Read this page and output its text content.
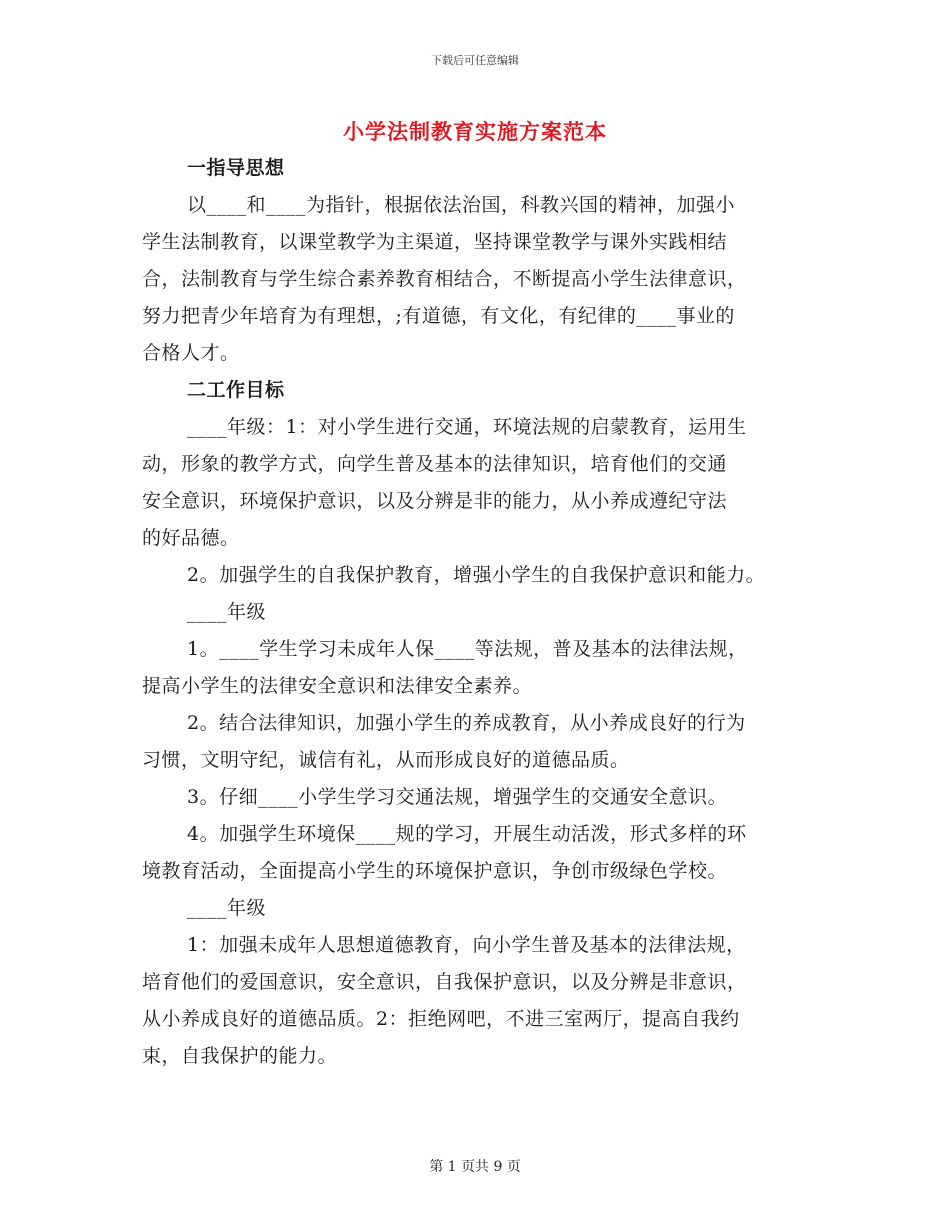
下载后可任意编辑
小学法制教育实施方案范本
一指导思想
以____和____为指针，根据依法治国，科教兴国的精神，加强小
学生法制教育，以课堂教学为主渠道，坚持课堂教学与课外实践相结
合，法制教育与学生综合素养教育相结合，不断提高小学生法律意识，
努力把青少年培育为有理想，;有道德，有文化，有纪律的____事业的
合格人才。
二工作目标
____年级：1：对小学生进行交通，环境法规的启蒙教育，运用生
动，形象的教学方式，向学生普及基本的法律知识，培育他们的交通
安全意识，环境保护意识，以及分辨是非的能力，从小养成遵纪守法
的好品德。
2。加强学生的自我保护教育，增强小学生的自我保护意识和能力。
____年级
1。____学生学习未成年人保____等法规，普及基本的法律法规，
提高小学生的法律安全意识和法律安全素养。
2。结合法律知识，加强小学生的养成教育，从小养成良好的行为
习惯，文明守纪，诚信有礼，从而形成良好的道德品质。
3。仔细____小学生学习交通法规，增强学生的交通安全意识。
4。加强学生环境保____规的学习，开展生动活泼，形式多样的环
境教育活动，全面提高小学生的环境保护意识，争创市级绿色学校。
____年级
1：加强未成年人思想道德教育，向小学生普及基本的法律法规，
培育他们的爱国意识，安全意识，自我保护意识，以及分辨是非意识，
从小养成良好的道德品质。2：拒绝网吧，不进三室两厅，提高自我约
束，自我保护的能力。
第 1 页共 9 页
